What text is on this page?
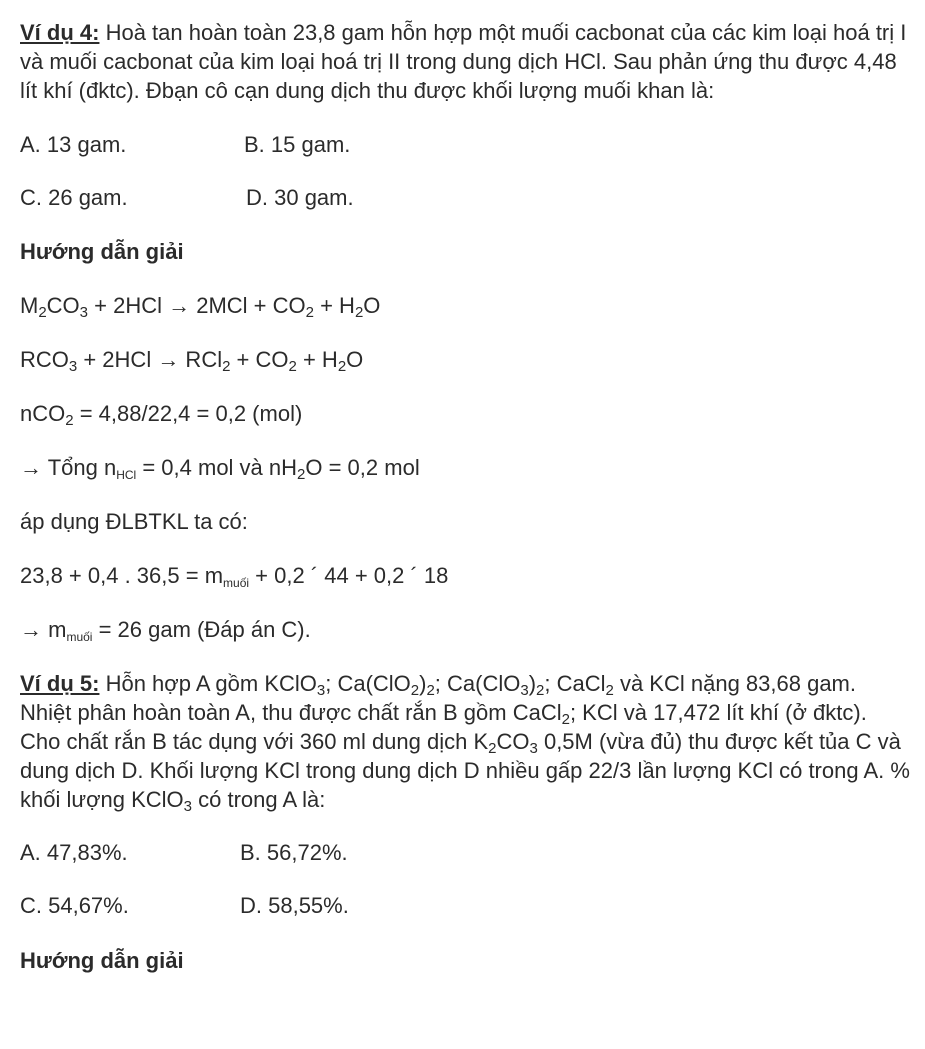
Ví dụ 4: Hoà tan hoàn toàn 23,8 gam hỗn hợp một muối cacbonat của các kim loại hoá trị I và muối cacbonat của kim loại hoá trị II trong dung dịch HCl. Sau phản ứng thu được 4,48 lít khí (đktc). Đbạn cô cạn dung dịch thu được khối lượng muối khan là:

A. 13 gam.	B. 15 gam.
C. 26 gam.	D. 30 gam.
Hướng dẫn giải
$M_2CO_3 + 2HCl \to 2MCl + CO_2 + H_2O$
$RCO_3 + 2HCl \to RCl_2 + CO_2 + H_2O$
nCO$_2$ = 4,88/22,4 = 0,2 (mol)
→ Tổng nHCl = 0,4 mol và $nH_2O = 0,2$ mol
áp dụng ĐLBTKL ta có:
23,8 + 0,4 . 36,5 = mmuối + 0,2 ´ 44 + 0,2 ´ 18
→ mmuối = 26 gam (Đáp án C).

Ví dụ 5: Hỗn hợp A gồm KClO$_3$; $Ca(ClO_2)_2$; $Ca(ClO_3)_2$; CaCl$_2$ và KCl nặng 83,68 gam. Nhiệt phân hoàn toàn A, thu được chất rắn B gồm CaCl$_2$; KCl và 17,472 lít khí (ở đktc). Cho chất rắn B tác dụng với 360 ml dung dịch $K_2CO_3$ 0,5M (vừa đủ) thu được kết tủa C và dung dịch D. Khối lượng KCl trong dung dịch D nhiều gấp 22/3 lần lượng KCl có trong A. % khối lượng KClO$_3$ có trong A là:

A. 47,83%.	B. 56,72%.
C. 54,67%.	D. 58,55%.
Hướng dẫn giải
